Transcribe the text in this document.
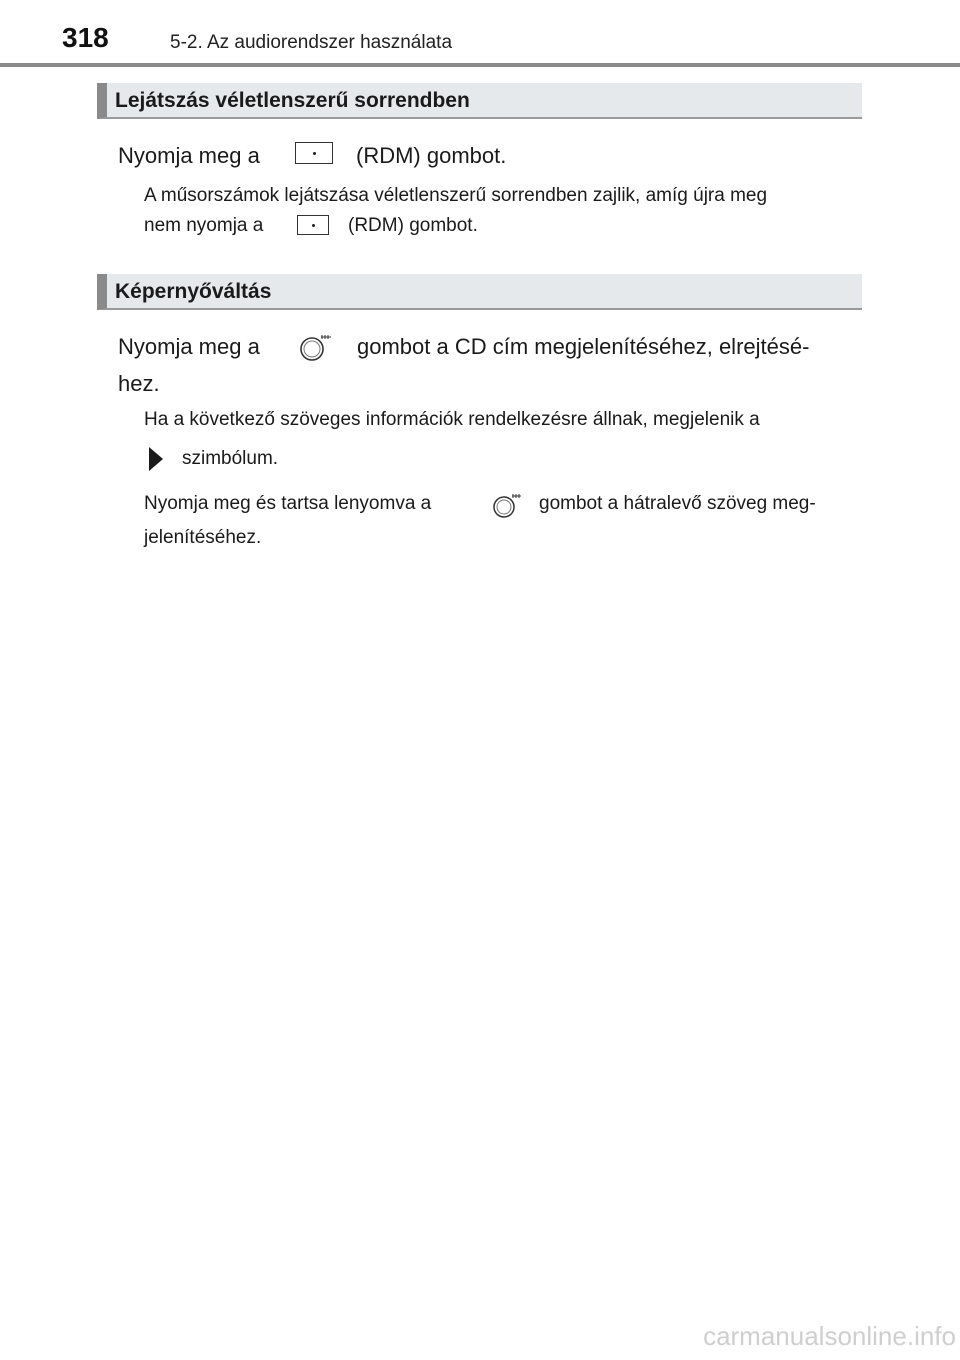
318	5-2. Az audiorendszer használata
Lejátszás véletlenszerű sorrendben
Nyomja meg a	(RDM) gombot.
A műsorszámok lejátszása véletlenszerű sorrendben zajlik, amíg újra meg
nem nyomja a	(RDM) gombot.
Képernyőváltás
Nyomja meg a	gombot a CD cím megjelenítéséhez, elrejtésé-
hez.
Ha a következő szöveges információk rendelkezésre állnak, megjelenik a
szimbólum.
Nyomja meg és tartsa lenyomva a	gombot a hátralevő szöveg meg-
jelenítéséhez.
carmanualsonline.info
